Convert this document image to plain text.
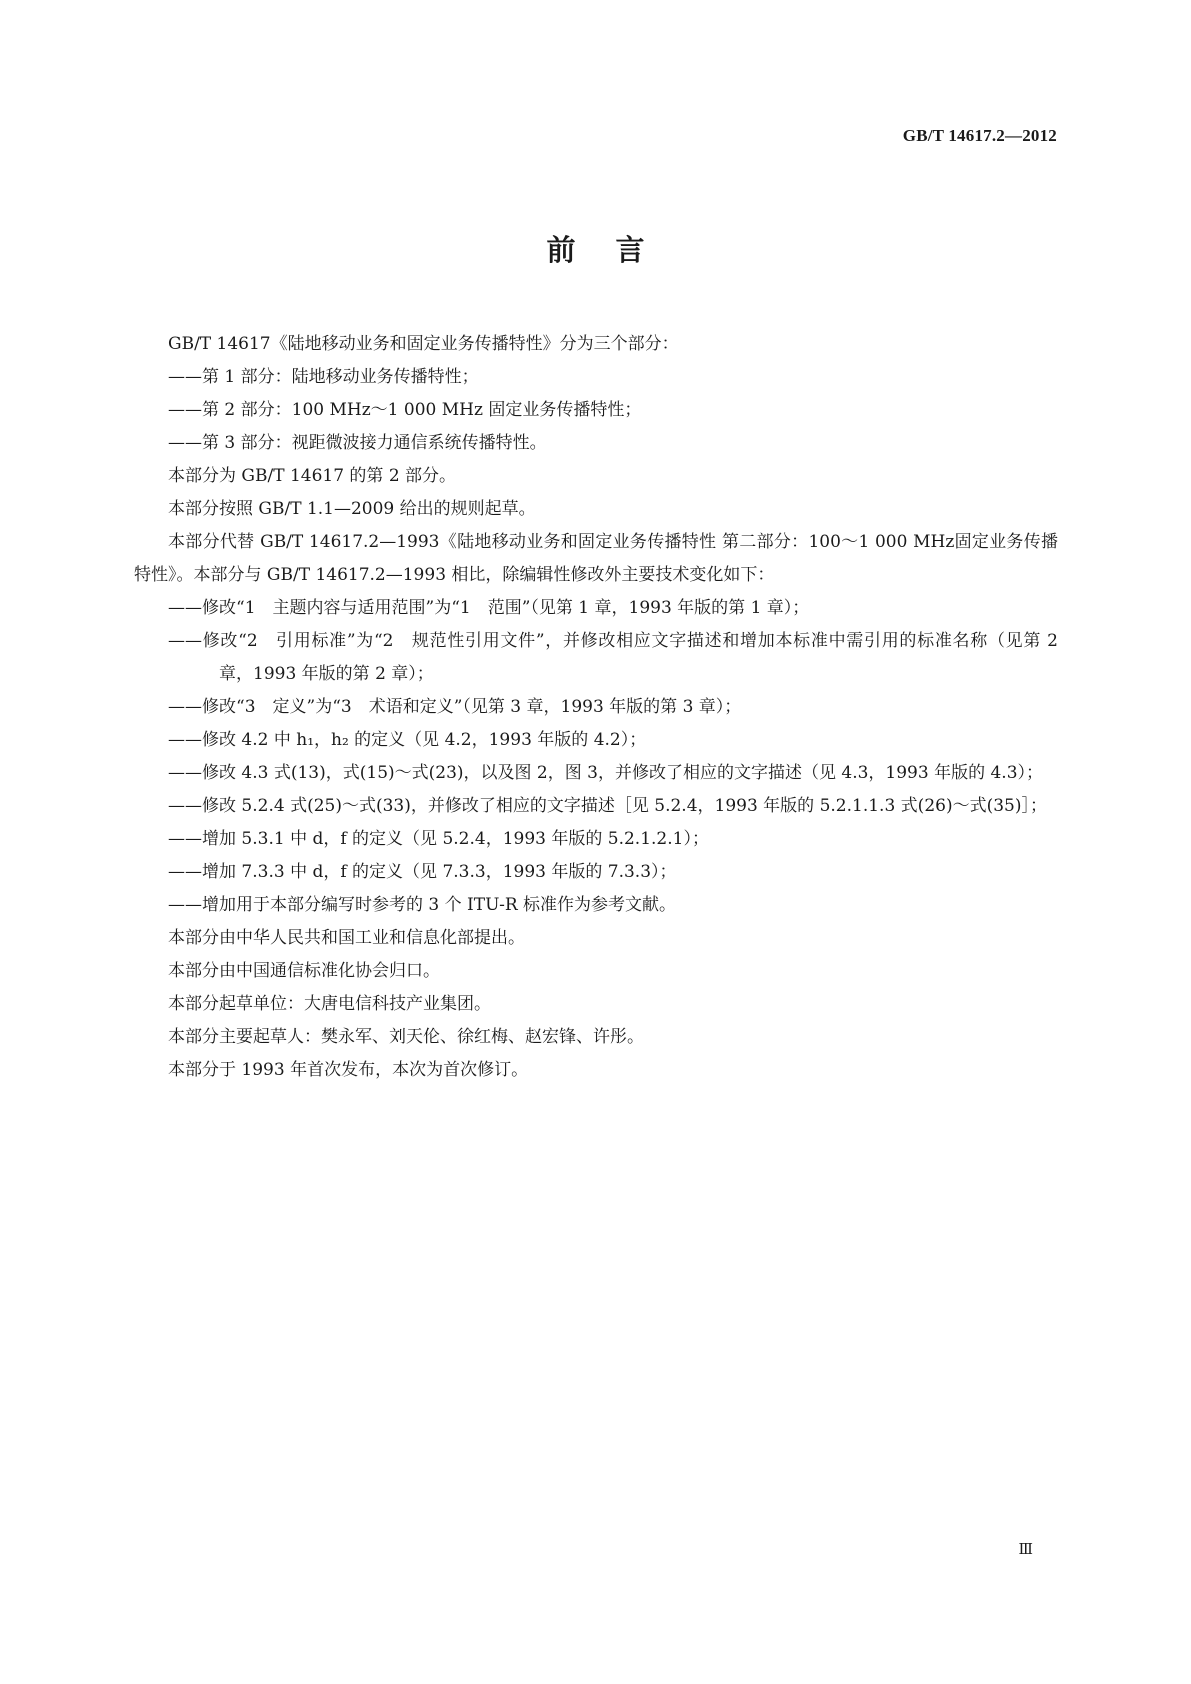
GB/T 14617.2—2012
前言

GB/T 14617《陆地移动业务和固定业务传播特性》分为三个部分：

——第 1 部分：陆地移动业务传播特性；

——第 2 部分：100 MHz～1 000 MHz 固定业务传播特性；

——第 3 部分：视距微波接力通信系统传播特性。

本部分为 GB/T 14617 的第 2 部分。

本部分按照 GB/T 1.1—2009 给出的规则起草。

本部分代替 GB/T 14617.2—1993《陆地移动业务和固定业务传播特性 第二部分：100～1 000 MHz固定业务传播特性》。本部分与 GB/T 14617.2—1993 相比，除编辑性修改外主要技术变化如下：

——修改“1　主题内容与适用范围”为“1　范围”（见第 1 章，1993 年版的第 1 章）；

——修改“2　引用标准”为“2　规范性引用文件”，并修改相应文字描述和增加本标准中需引用的标准名称（见第 2 章，1993 年版的第 2 章）；

——修改“3　定义”为“3　术语和定义”（见第 3 章，1993 年版的第 3 章）；

——修改 4.2 中 h₁，h₂ 的定义（见 4.2，1993 年版的 4.2）；

——修改 4.3 式(13)，式(15)～式(23)，以及图 2，图 3，并修改了相应的文字描述（见 4.3，1993 年版的 4.3）；

——修改 5.2.4 式(25)～式(33)，并修改了相应的文字描述［见 5.2.4，1993 年版的 5.2.1.1.3 式(26)～式(35)］；

——增加 5.3.1 中 d，f 的定义（见 5.2.4，1993 年版的 5.2.1.2.1）；

——增加 7.3.3 中 d，f 的定义（见 7.3.3，1993 年版的 7.3.3）；

——增加用于本部分编写时参考的 3 个 ITU-R 标准作为参考文献。

本部分由中华人民共和国工业和信息化部提出。

本部分由中国通信标准化协会归口。

本部分起草单位：大唐电信科技产业集团。

本部分主要起草人：樊永军、刘天伦、徐红梅、赵宏锋、许彤。

本部分于 1993 年首次发布，本次为首次修订。

Ⅲ
